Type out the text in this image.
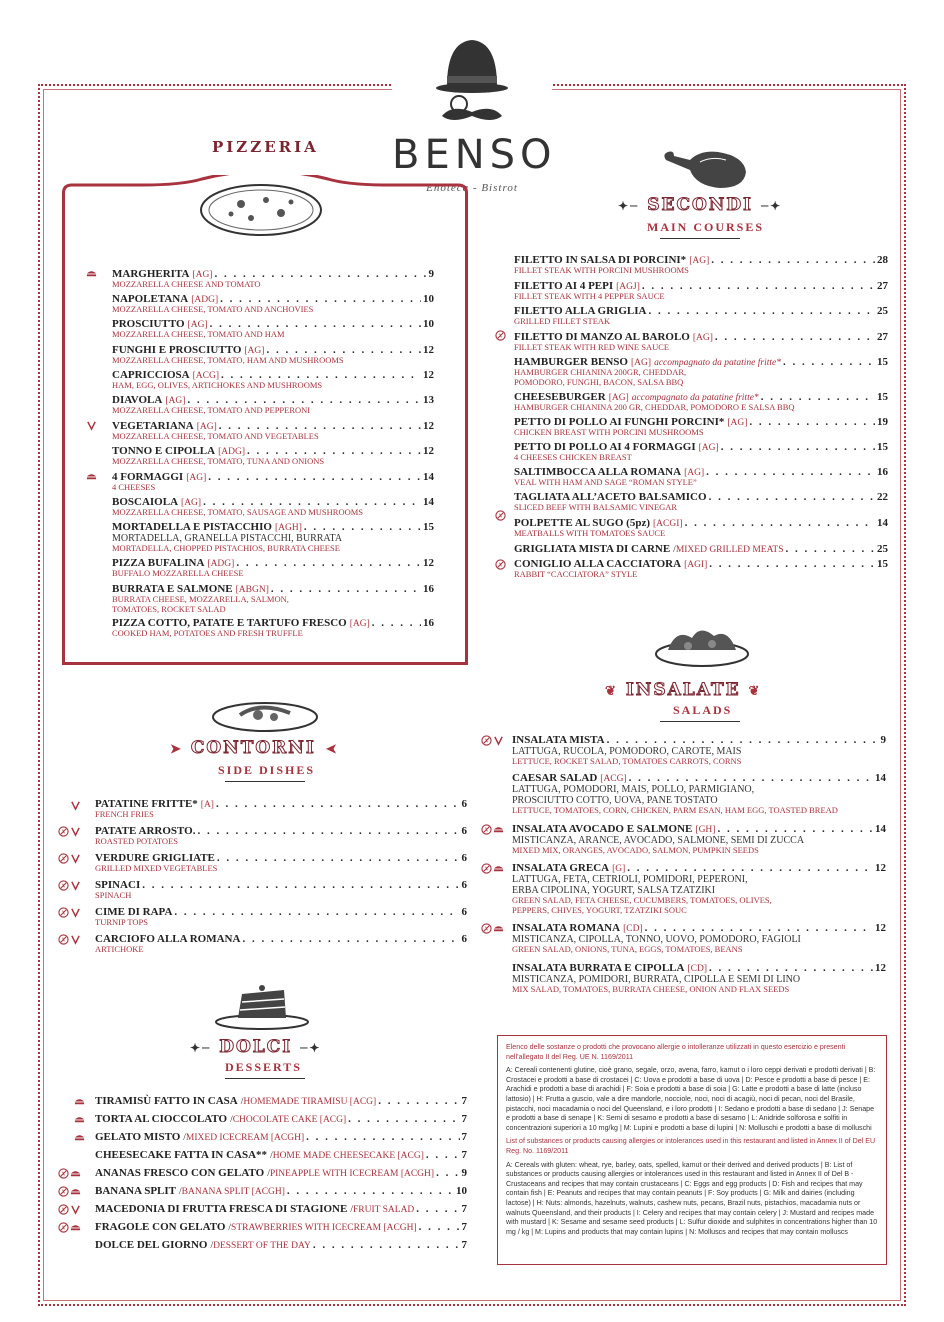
BENSO
Enoteca - Bistrot
PIZZERIA
MARGHERITA [AG] . . .	9
MOZZARELLA CHEESE AND TOMATO
NAPOLETANA [ADG] . . .	10
MOZZARELLA CHEESE, TOMATO AND ANCHOVIES
PROSCIUTTO [AG] . . .	10
MOZZARELLA CHEESE, TOMATO AND HAM
FUNGHI E PROSCIUTTO [AG] . . .	12
MOZZARELLA CHEESE, TOMATO, HAM AND MUSHROOMS
CAPRICCIOSA [ACG] . . .	12
HAM, EGG, OLIVES, ARTICHOKES AND MUSHROOMS
DIAVOLA [AG] . . .	13
MOZZARELLA CHEESE, TOMATO AND PEPPERONI
VEGETARIANA [AG] . . .	12
MOZZARELLA CHEESE, TOMATO AND VEGETABLES
TONNO E CIPOLLA [ADG] . . .	12
MOZZARELLA CHEESE, TOMATO, TUNA AND ONIONS
4 FORMAGGI [AG] . . .	14
4 CHEESES
BOSCAIOLA [AG] . . .	14
MOZZARELLA CHEESE, TOMATO, SAUSAGE AND MUSHROOMS
MORTADELLA E PISTACCHIO [AGH] . . .	15
MORTADELLA, GRANELLA PISTACCHI, BURRATA
MORTADELLA, CHOPPED PISTACHIOS, BURRATA CHEESE
PIZZA BUFALINA [ADG] . . .	12
BUFFALO MOZZARELLA CHEESE
BURRATA E SALMONE [ABGN] . . .	16
BURRATA CHEESE, MOZZARELLA, SALMON,
TOMATOES, ROCKET SALAD
PIZZA COTTO, PATATE E TARTUFO FRESCO [AG] . . .	16
COOKED HAM, POTATOES AND FRESH TRUFFLE
✦─ SECONDI ─✦
MAIN COURSES
FILETTO IN SALSA DI PORCINI* [AG] . . .	28
FILLET STEAK WITH PORCINI MUSHROOMS
FILETTO AI 4 PEPI [AGJ] . . .	27
FILLET STEAK WITH 4 PEPPER SAUCE
FILETTO ALLA GRIGLIA . . .	25
GRILLED FILLET STEAK
FILETTO DI MANZO AL BAROLO [AG] . . .	27
FILLET STEAK WITH RED WINE SAUCE
HAMBURGER BENSO [AG] accompagnato da patatine fritte* . . .	15
HAMBURGER CHIANINA 200GR, CHEDDAR,
POMODORO, FUNGHI, BACON, SALSA BBQ
CHEESEBURGER [AG] accompagnato da patatine fritte* . . .	15
HAMBURGER CHIANINA 200 GR, CHEDDAR, POMODORO E SALSA BBQ
PETTO DI POLLO AI FUNGHI PORCINI* [AG] . . .	19
CHICKEN BREAST WITH PORCINI MUSHROOMS
PETTO DI POLLO AI 4 FORMAGGI [AG] . . .	15
4 CHEESES CHICKEN BREAST
SALTIMBOCCA ALLA ROMANA [AG] . . .	16
VEAL WITH HAM AND SAGE “ROMAN STYLE”
TAGLIATA ALL’ACETO BALSAMICO . . .	22
SLICED BEEF WITH BALSAMIC VINEGAR
POLPETTE AL SUGO (5pz) [ACGI] . . .	14
MEATBALLS WITH TOMATOES SAUCE
GRIGLIATA MISTA DI CARNE / MIXED GRILLED MEATS . . .	25
CONIGLIO ALLA CACCIATORA [AGI] . . .	15
RABBIT “CACCIATORA” STYLE
❦ INSALATE ❦
SALADS
INSALATA MISTA . . .	9
LATTUGA, RUCOLA, POMODORO, CAROTE, MAIS
LETTUCE, ROCKET SALAD, TOMATOES CARROTS, CORNS
CAESAR SALAD [ACG] . . .	14
LATTUGA, POMODORI, MAIS, POLLO, PARMIGIANO,
PROSCIUTTO COTTO, UOVA, PANE TOSTATO
LETTUCE, TOMATOES, CORN, CHICKEN, PARM ESAN, HAM EGG, TOASTED BREAD
INSALATA AVOCADO E SALMONE [GH] . . .	14
MISTICANZA, ARANCE, AVOCADO, SALMONE, SEMI DI ZUCCA
MIXED MIX, ORANGES, AVOCADO, SALMON, PUMPKIN SEEDS
INSALATA GRECA [G] . . .	12
LATTUGA, FETA, CETRIOLI, POMIDORI, PEPERONI,
ERBA CIPOLINA, YOGURT, SALSA TZATZIKI
GREEN SALAD, FETA CHEESE, CUCUMBERS, TOMATOES, OLIVES,
PEPPERS, CHIVES, YOGURT, TZATZIKI SOUC
INSALATA ROMANA [CD] . . .	12
MISTICANZA, CIPOLLA, TONNO, UOVO, POMODORO, FAGIOLI
GREEN SALAD, ONIONS, TUNA, EGGS, TOMATOES, BEANS
INSALATA BURRATA E CIPOLLA [CD] . . .	12
MISTICANZA, POMIDORI, BURRATA, CIPOLLA E SEMI DI LINO
MIX SALAD, TOMATOES, BURRATA CHEESE, ONION AND FLAX SEEDS
➤ CONTORNI ➤
SIDE DISHES
PATATINE FRITTE* [A] . . .	6
FRENCH FRIES
PATATE ARROSTO. . . .	6
ROASTED POTATOES
VERDURE GRIGLIATE . . .	6
GRILLED MIXED VEGETABLES
SPINACI . . .	6
SPINACH
CIME DI RAPA . . .	6
TURNIP TOPS
CARCIOFO ALLA ROMANA . . .	6
ARTICHOKE
✦─ DOLCI ─✦
DESSERTS
TIRAMISÙ FATTO IN CASA / HOMEMADE TIRAMISU [ACG] . . .	7
TORTA AL CIOCCOLATO / CHOCOLATE CAKE [ACG] . . .	7
GELATO MISTO / MIXED ICECREAM [ACGH] . . .	7
CHEESECAKE FATTA IN CASA** / HOME MADE CHEESECAKE [ACG] . . .	7
ANANAS FRESCO CON GELATO / PINEAPPLE WITH ICECREAM [ACGH] . . . 9
BANANA SPLIT / BANANA SPLIT [ACGH] . . .	10
MACEDONIA DI FRUTTA FRESCA DI STAGIONE / FRUIT SALAD . . .	7
FRAGOLE CON GELATO / STRAWBERRIES WITH ICECREAM [ACGH] . . .	7
DOLCE DEL GIORNO / DESSERT OF THE DAY . . .	7

Elenco delle sostanze o prodotti che provocano allergie o intolleranze utilizzati in questo esercizio e presenti nell’allegato II del Reg. UE N. 1169/2011

A: Cereali contenenti glutine, cioè grano, segale, orzo, avena, farro, kamut o i loro ceppi derivati e prodotti derivati | B: Crostacei e prodotti a base di crostacei | C: Uova e prodotti a base di uova | D: Pesce e prodotti a base di pesce | E: Arachidi e prodotti a base di arachidi | F: Soia e prodotti a base di soia | G: Latte e prodotti a base di latte (incluso lattosio) | H: Frutta a guscio, vale a dire mandorle, nocciole, noci, noci di acagiù, noci di pecan, noci del Brasile, pistacchi, noci macadamia o noci del Queensland, e i loro prodotti | I: Sedano e prodotti a base di sedano | J: Senape e prodotti a base di senape | K: Semi di sesamo e prodotti a base di sesamo | L: Anidride solforosa e solfiti in concentrazioni superiori a 10 mg/kg | M: Lupini e prodotti a base di lupini | N: Molluschi e prodotti a base di molluschi

List of substances or products causing allergies or intolerances used in this restaurant and listed in Annex II of Del EU Reg. No. 1169/2011

A: Cereals with gluten: wheat, rye, barley, oats, spelled, kamut or their derived and derived products | B: List of substances or products causing allergies or intolerances used in this restaurant and listed in Annex II of Del B - Crustaceans and recipes that may contain crustaceans | C: Eggs and egg products | D: Fish and recipes that may contain fish | E: Peanuts and recipes that may contain peanuts | F: Soy products | G: Milk and dairies (including lactose) | H: Nuts: almonds, hazelnuts, walnuts, cashew nuts, pecans, Brazil nuts, pistachios, macadamia nuts or walnuts Queensland, and their products | I: Celery and recipes that may contain celery | J: Mustard and recipes made with mustard | K: Sesame and sesame seed products | L: Sulfur dioxide and sulphites in concentrations higher than 10 mg / kg | M: Lupins and products that may contain lupins | N: Molluscs and recipes that may contain molluscs
